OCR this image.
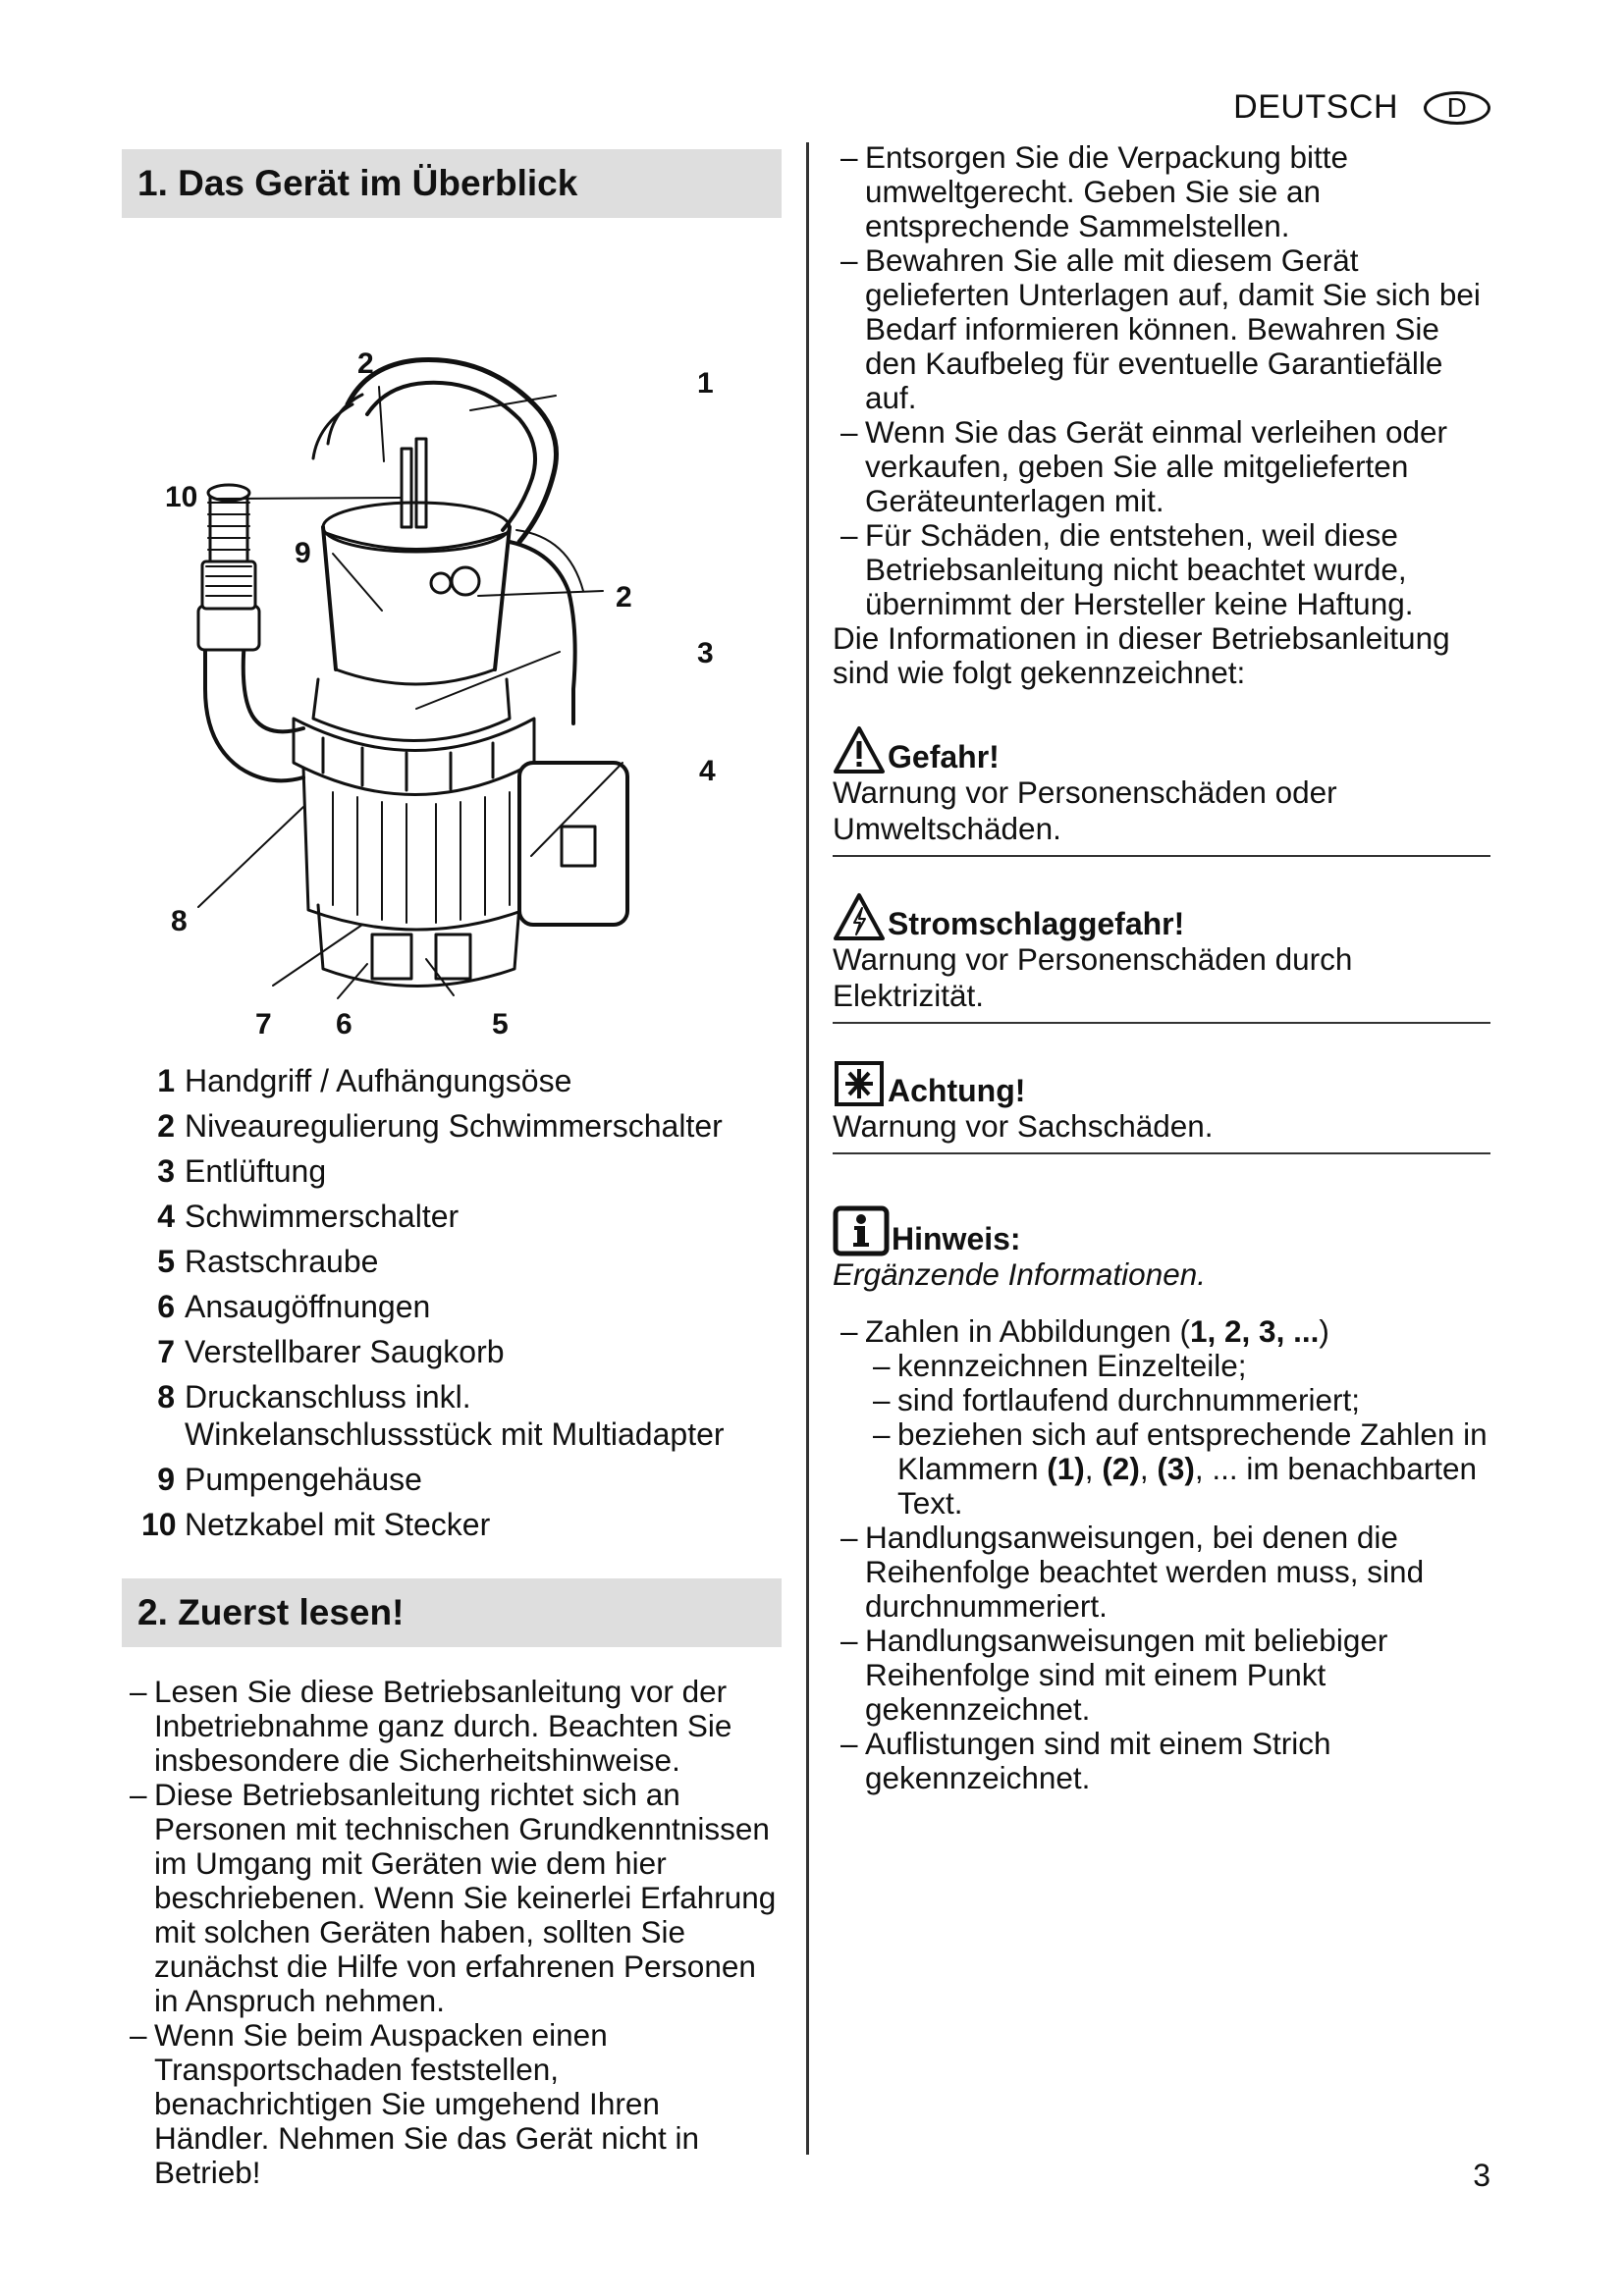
DEUTSCH	D
1. Das Gerät im Überblick
1
2
2
3
4
5
6
7
8
9
10
1 Handgriff / Aufhängungsöse
2 Niveauregulierung Schwimmerschalter
3 Entlüftung
4 Schwimmerschalter
5 Rastschraube
6 Ansaugöffnungen
7 Verstellbarer Saugkorb
8 Druckanschluss inkl. Winkelanschlussstück mit Multiadapter
9 Pumpengehäuse
10 Netzkabel mit Stecker
2. Zuerst lesen!
– Lesen Sie diese Betriebsanleitung vor der Inbetriebnahme ganz durch. Beachten Sie insbesondere die Sicherheitshinweise.
– Diese Betriebsanleitung richtet sich an Personen mit technischen Grundkenntnissen im Umgang mit Geräten wie dem hier beschriebenen. Wenn Sie keinerlei Erfahrung mit solchen Geräten haben, sollten Sie zunächst die Hilfe von erfahrenen Personen in Anspruch nehmen.
– Wenn Sie beim Auspacken einen Transportschaden feststellen, benachrichtigen Sie umgehend Ihren Händler. Nehmen Sie das Gerät nicht in Betrieb!
– Entsorgen Sie die Verpackung bitte umweltgerecht. Geben Sie sie an entsprechende Sammelstellen.
– Bewahren Sie alle mit diesem Gerät gelieferten Unterlagen auf, damit Sie sich bei Bedarf informieren können. Bewahren Sie den Kaufbeleg für eventuelle Garantiefälle auf.
– Wenn Sie das Gerät einmal verleihen oder verkaufen, geben Sie alle mitgelieferten Geräteunterlagen mit.
– Für Schäden, die entstehen, weil diese Betriebsanleitung nicht beachtet wurde, übernimmt der Hersteller keine Haftung.
Die Informationen in dieser Betriebsanleitung sind wie folgt gekennzeichnet:
Gefahr!
Warnung vor Personenschäden oder Umweltschäden.
Stromschlaggefahr!
Warnung vor Personenschäden durch Elektrizität.
Achtung!
Warnung vor Sachschäden.
Hinweis:
Ergänzende Informationen.
– Zahlen in Abbildungen (1, 2, 3, ...)
– kennzeichnen Einzelteile;
– sind fortlaufend durchnummeriert;
– beziehen sich auf entsprechende Zahlen in Klammern (1), (2), (3), ... im benachbarten Text.
– Handlungsanweisungen, bei denen die Reihenfolge beachtet werden muss, sind durchnummeriert.
– Handlungsanweisungen mit beliebiger Reihenfolge sind mit einem Punkt gekennzeichnet.
– Auflistungen sind mit einem Strich gekennzeichnet.
3
